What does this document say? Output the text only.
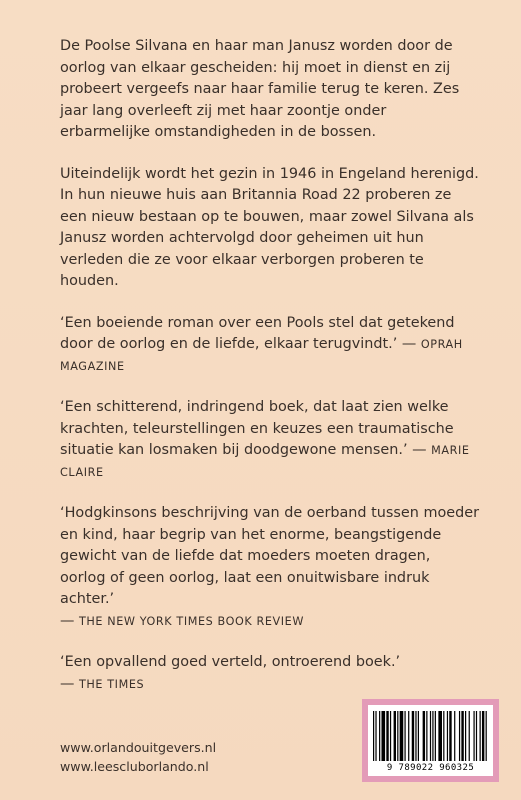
De Poolse Silvana en haar man Janusz worden door de oorlog van elkaar gescheiden: hij moet in dienst en zij probeert vergeefs naar haar familie terug te keren. Zes jaar lang overleeft zij met haar zoontje onder erbarmelijke omstandigheden in de bossen.

Uiteindelijk wordt het gezin in 1946 in Engeland herenigd. In hun nieuwe huis aan Britannia Road 22 proberen ze een nieuw bestaan op te bouwen, maar zowel Silvana als Janusz worden achtervolgd door geheimen uit hun verleden die ze voor elkaar verborgen proberen te houden.

‘Een boeiende roman over een Pools stel dat getekend door de oorlog en de liefde, elkaar terugvindt.’ — OPRAH MAGAZINE

‘Een schitterend, indringend boek, dat laat zien welke krachten, teleurstellingen en keuzes een traumatische situatie kan losmaken bij doodgewone mensen.’ — MARIE CLAIRE

‘Hodgkinsons beschrijving van de oerband tussen moeder en kind, haar begrip van het enorme, beangstigende gewicht van de liefde dat moeders moeten dragen, oorlog of geen oorlog, laat een onuitwisbare indruk achter.’
— THE NEW YORK TIMES BOOK REVIEW

‘Een opvallend goed verteld, ontroerend boek.’
— THE TIMES

www.orlandouitgevers.nl
www.leescluborlando.nl	9 789022 960325
